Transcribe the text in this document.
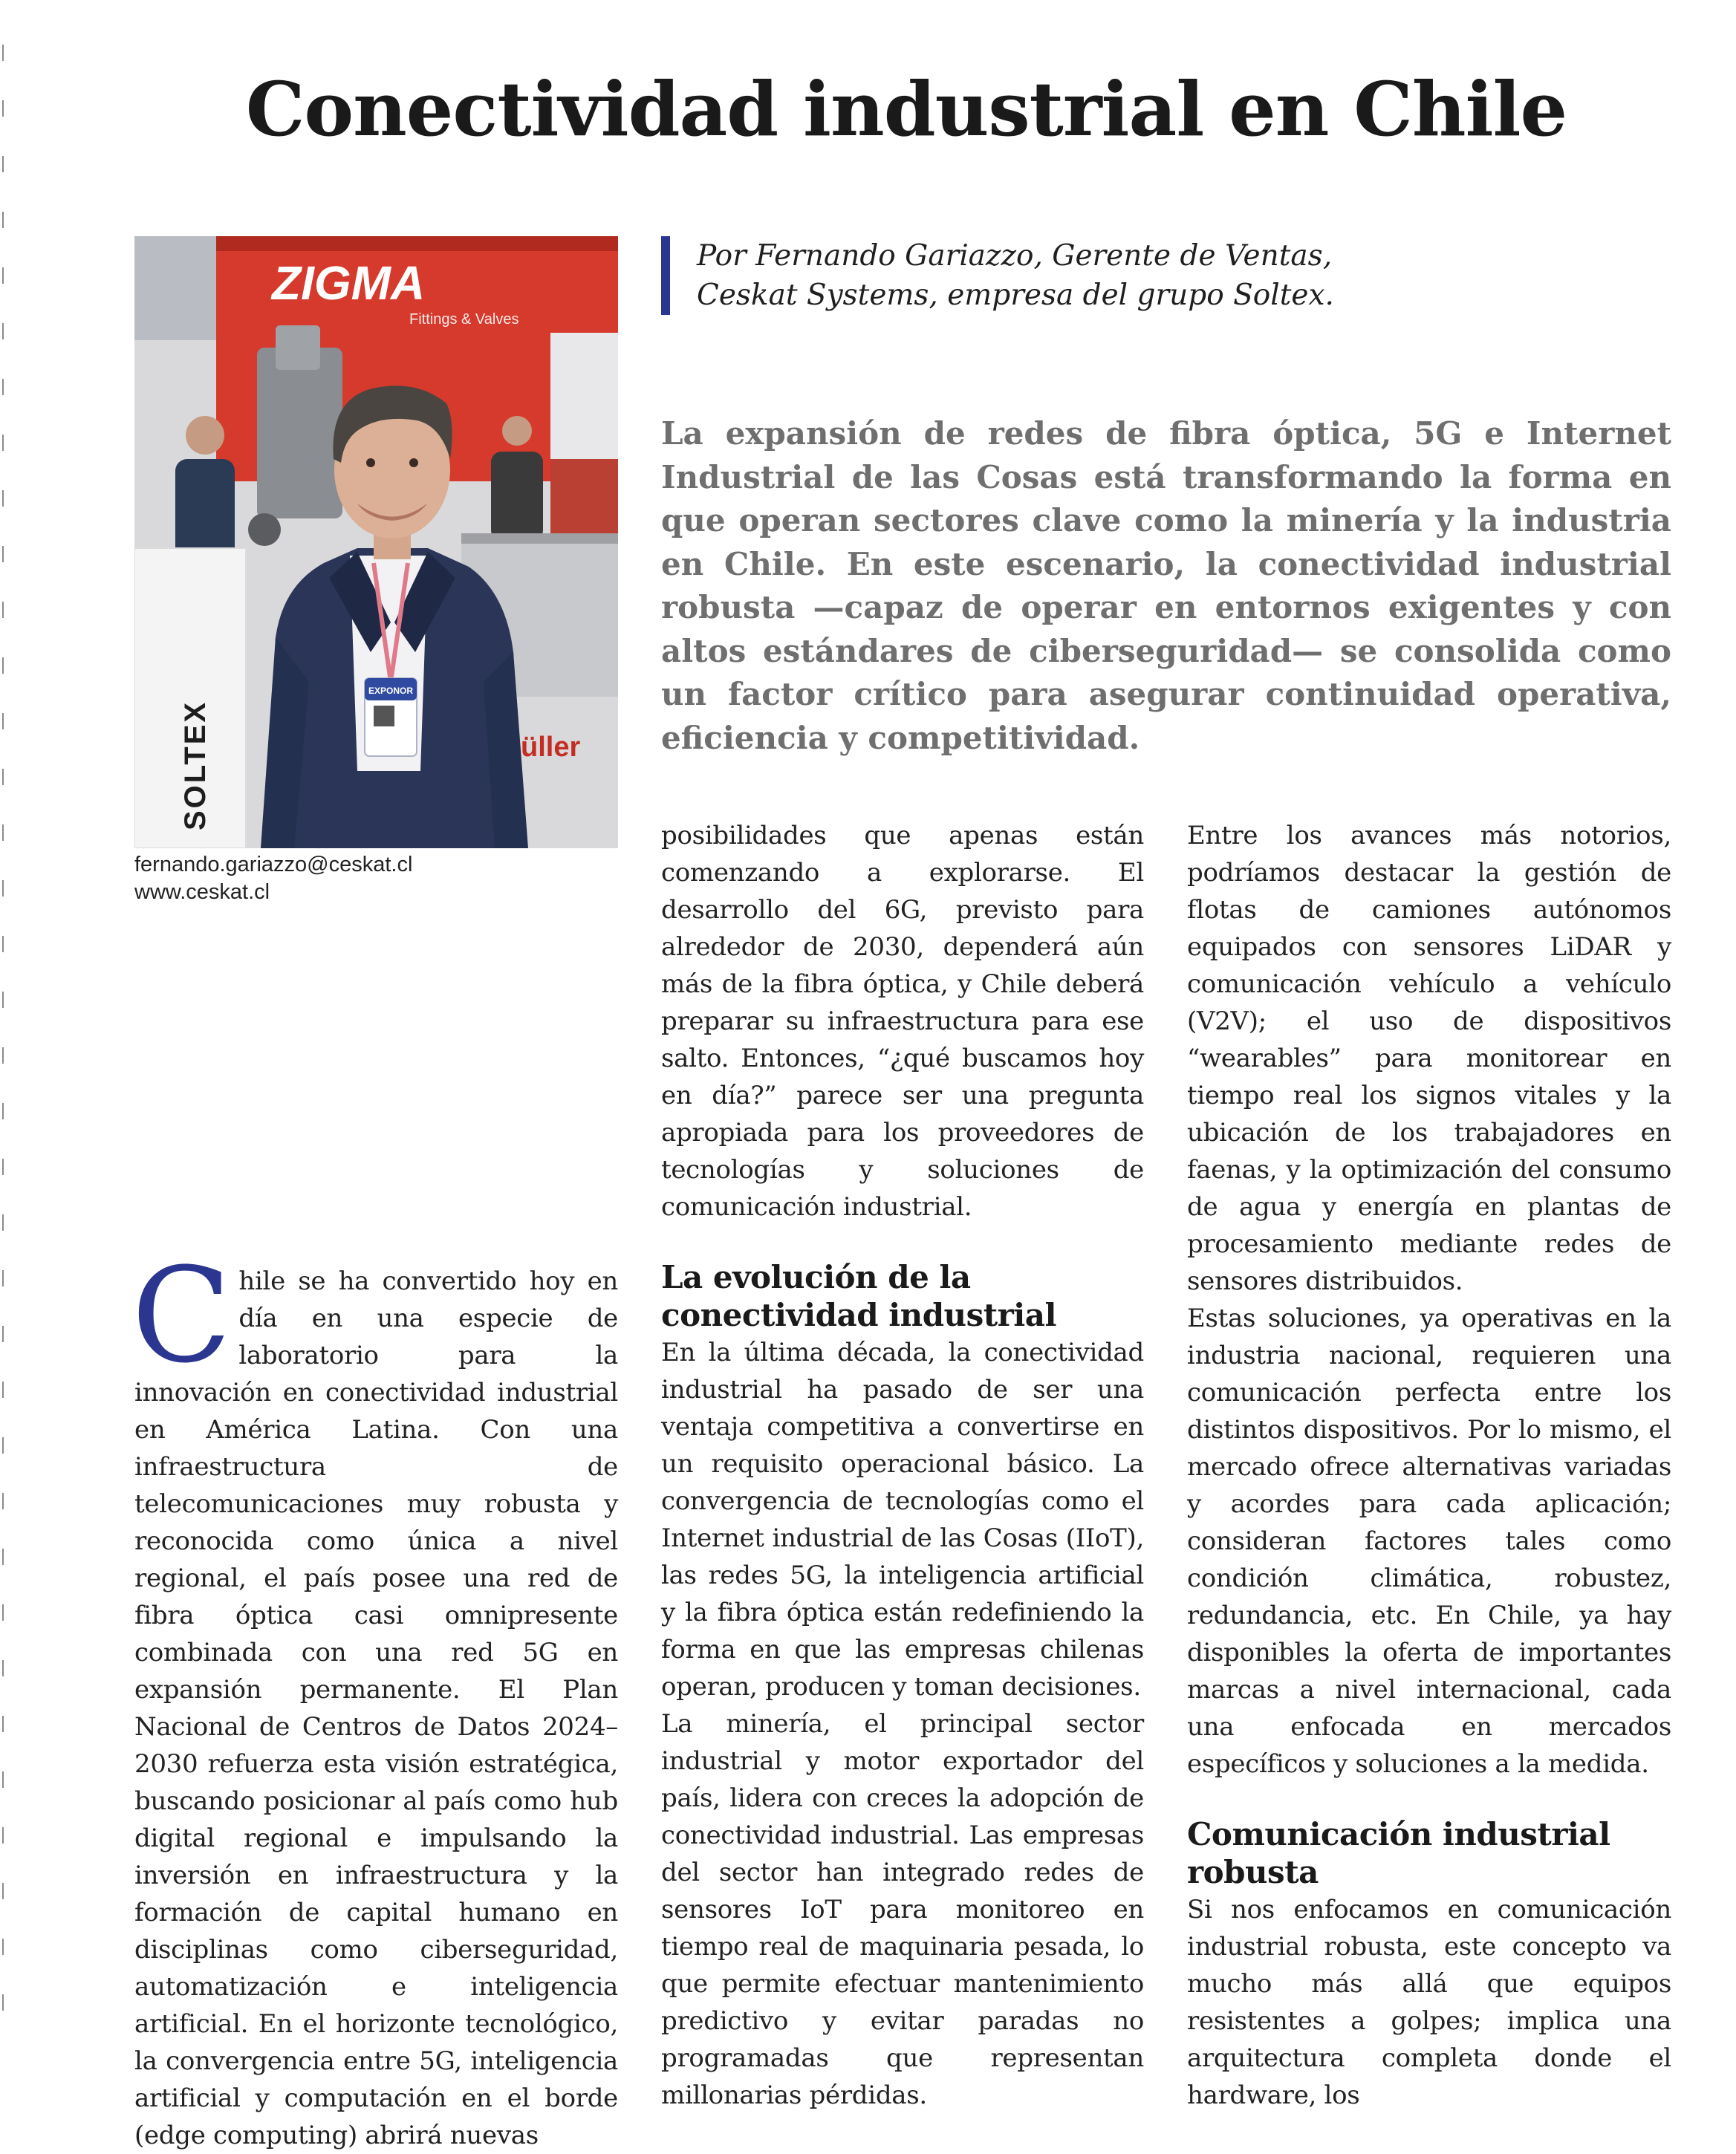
Conectividad industrial en Chile
ZIGMA
Fittings & Valves
üller
SOLTEX
EXPONOR
fernando.gariazzo@ceskat.cl
www.ceskat.cl
Por Fernando Gariazzo, Gerente de Ventas,
Ceskat Systems, empresa del grupo Soltex.

La expansión de redes de fibra óptica, 5G e Internet Industrial de las Cosas está transformando la forma en que operan sectores clave como la minería y la industria en Chile. En este escenario, la conectividad industrial robusta —capaz de operar en entornos exigentes y con altos estándares de ciberseguridad— se consolida como un factor crítico para asegurar continuidad operativa, eficiencia y competitividad.

Chile se ha convertido hoy en día en una especie de laboratorio para la innovación en conectividad industrial en América Latina. Con una infraestructura de telecomunicaciones muy robusta y reconocida como única a nivel regional, el país posee una red de fibra óptica casi omnipresente combinada con una red 5G en expansión permanente. El Plan Nacional de Centros de Datos 2024–2030 refuerza esta visión estratégica, buscando posicionar al país como hub digital regional e impulsando la inversión en infraestructura y la formación de capital humano en disciplinas como ciberseguridad, automatización e inteligencia artificial. En el horizonte tecnológico, la convergencia entre 5G, inteligencia artificial y computación en el borde (edge computing) abrirá nuevas

posibilidades que apenas están comenzando a explorarse. El desarrollo del 6G, previsto para alrededor de 2030, dependerá aún más de la fibra óptica, y Chile deberá preparar su infraestructura para ese salto. Entonces, “¿qué buscamos hoy en día?” parece ser una pregunta apropiada para los proveedores de tecnologías y soluciones de comunicación industrial.

La evolución de la conectividad industrial

En la última década, la conectividad industrial ha pasado de ser una ventaja competitiva a convertirse en un requisito operacional básico. La convergencia de tecnologías como el Internet industrial de las Cosas (IIoT), las redes 5G, la inteligencia artificial y la fibra óptica están redefiniendo la forma en que las empresas chilenas operan, producen y toman decisiones.

La minería, el principal sector industrial y motor exportador del país, lidera con creces la adopción de conectividad industrial. Las empresas del sector han integrado redes de sensores IoT para monitoreo en tiempo real de maquinaria pesada, lo que permite efectuar mantenimiento predictivo y evitar paradas no programadas que representan millonarias pérdidas.

Entre los avances más notorios, podríamos destacar la gestión de flotas de camiones autónomos equipados con sensores LiDAR y comunicación vehículo a vehículo (V2V); el uso de dispositivos “wearables” para monitorear en tiempo real los signos vitales y la ubicación de los trabajadores en faenas, y la optimización del consumo de agua y energía en plantas de procesamiento mediante redes de sensores distribuidos.

Estas soluciones, ya operativas en la industria nacional, requieren una comunicación perfecta entre los distintos dispositivos. Por lo mismo, el mercado ofrece alternativas variadas y acordes para cada aplicación; consideran factores tales como condición climática, robustez, redundancia, etc. En Chile, ya hay disponibles la oferta de importantes marcas a nivel internacional, cada una enfocada en mercados específicos y soluciones a la medida.

Comunicación industrial robusta

Si nos enfocamos en comunicación industrial robusta, este concepto va mucho más allá que equipos resistentes a golpes; implica una arquitectura completa donde el hardware, los
